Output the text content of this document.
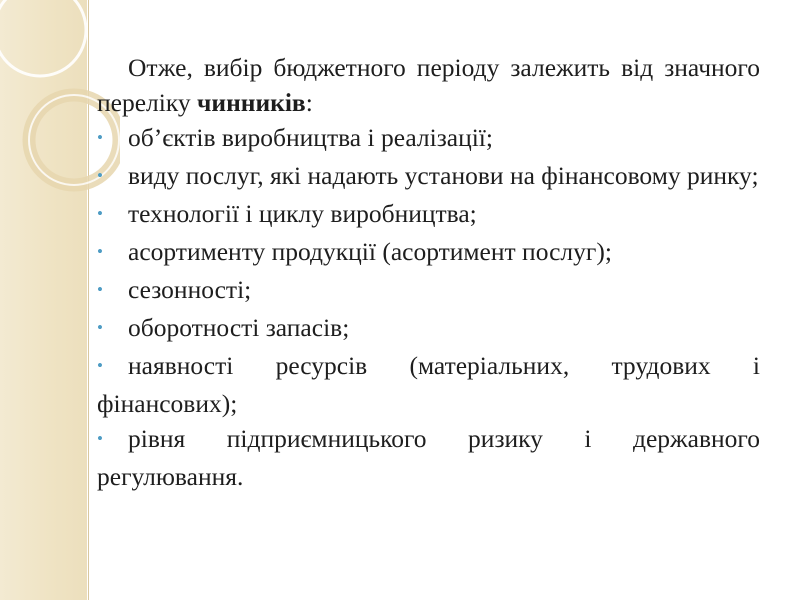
Отже, вибір бюджетного періоду залежить від значного переліку чинників:

• об’єктів виробництва і реалізації;

• виду послуг, які надають установи на фінансовому ринку;

• технології і циклу виробництва;

• асортименту продукції (асортимент послуг);

• сезонності;

• оборотності запасів;

• наявності ресурсів (матеріальних, трудових і фінансових);

• рівня підприємницького ризику і державного регулювання.
